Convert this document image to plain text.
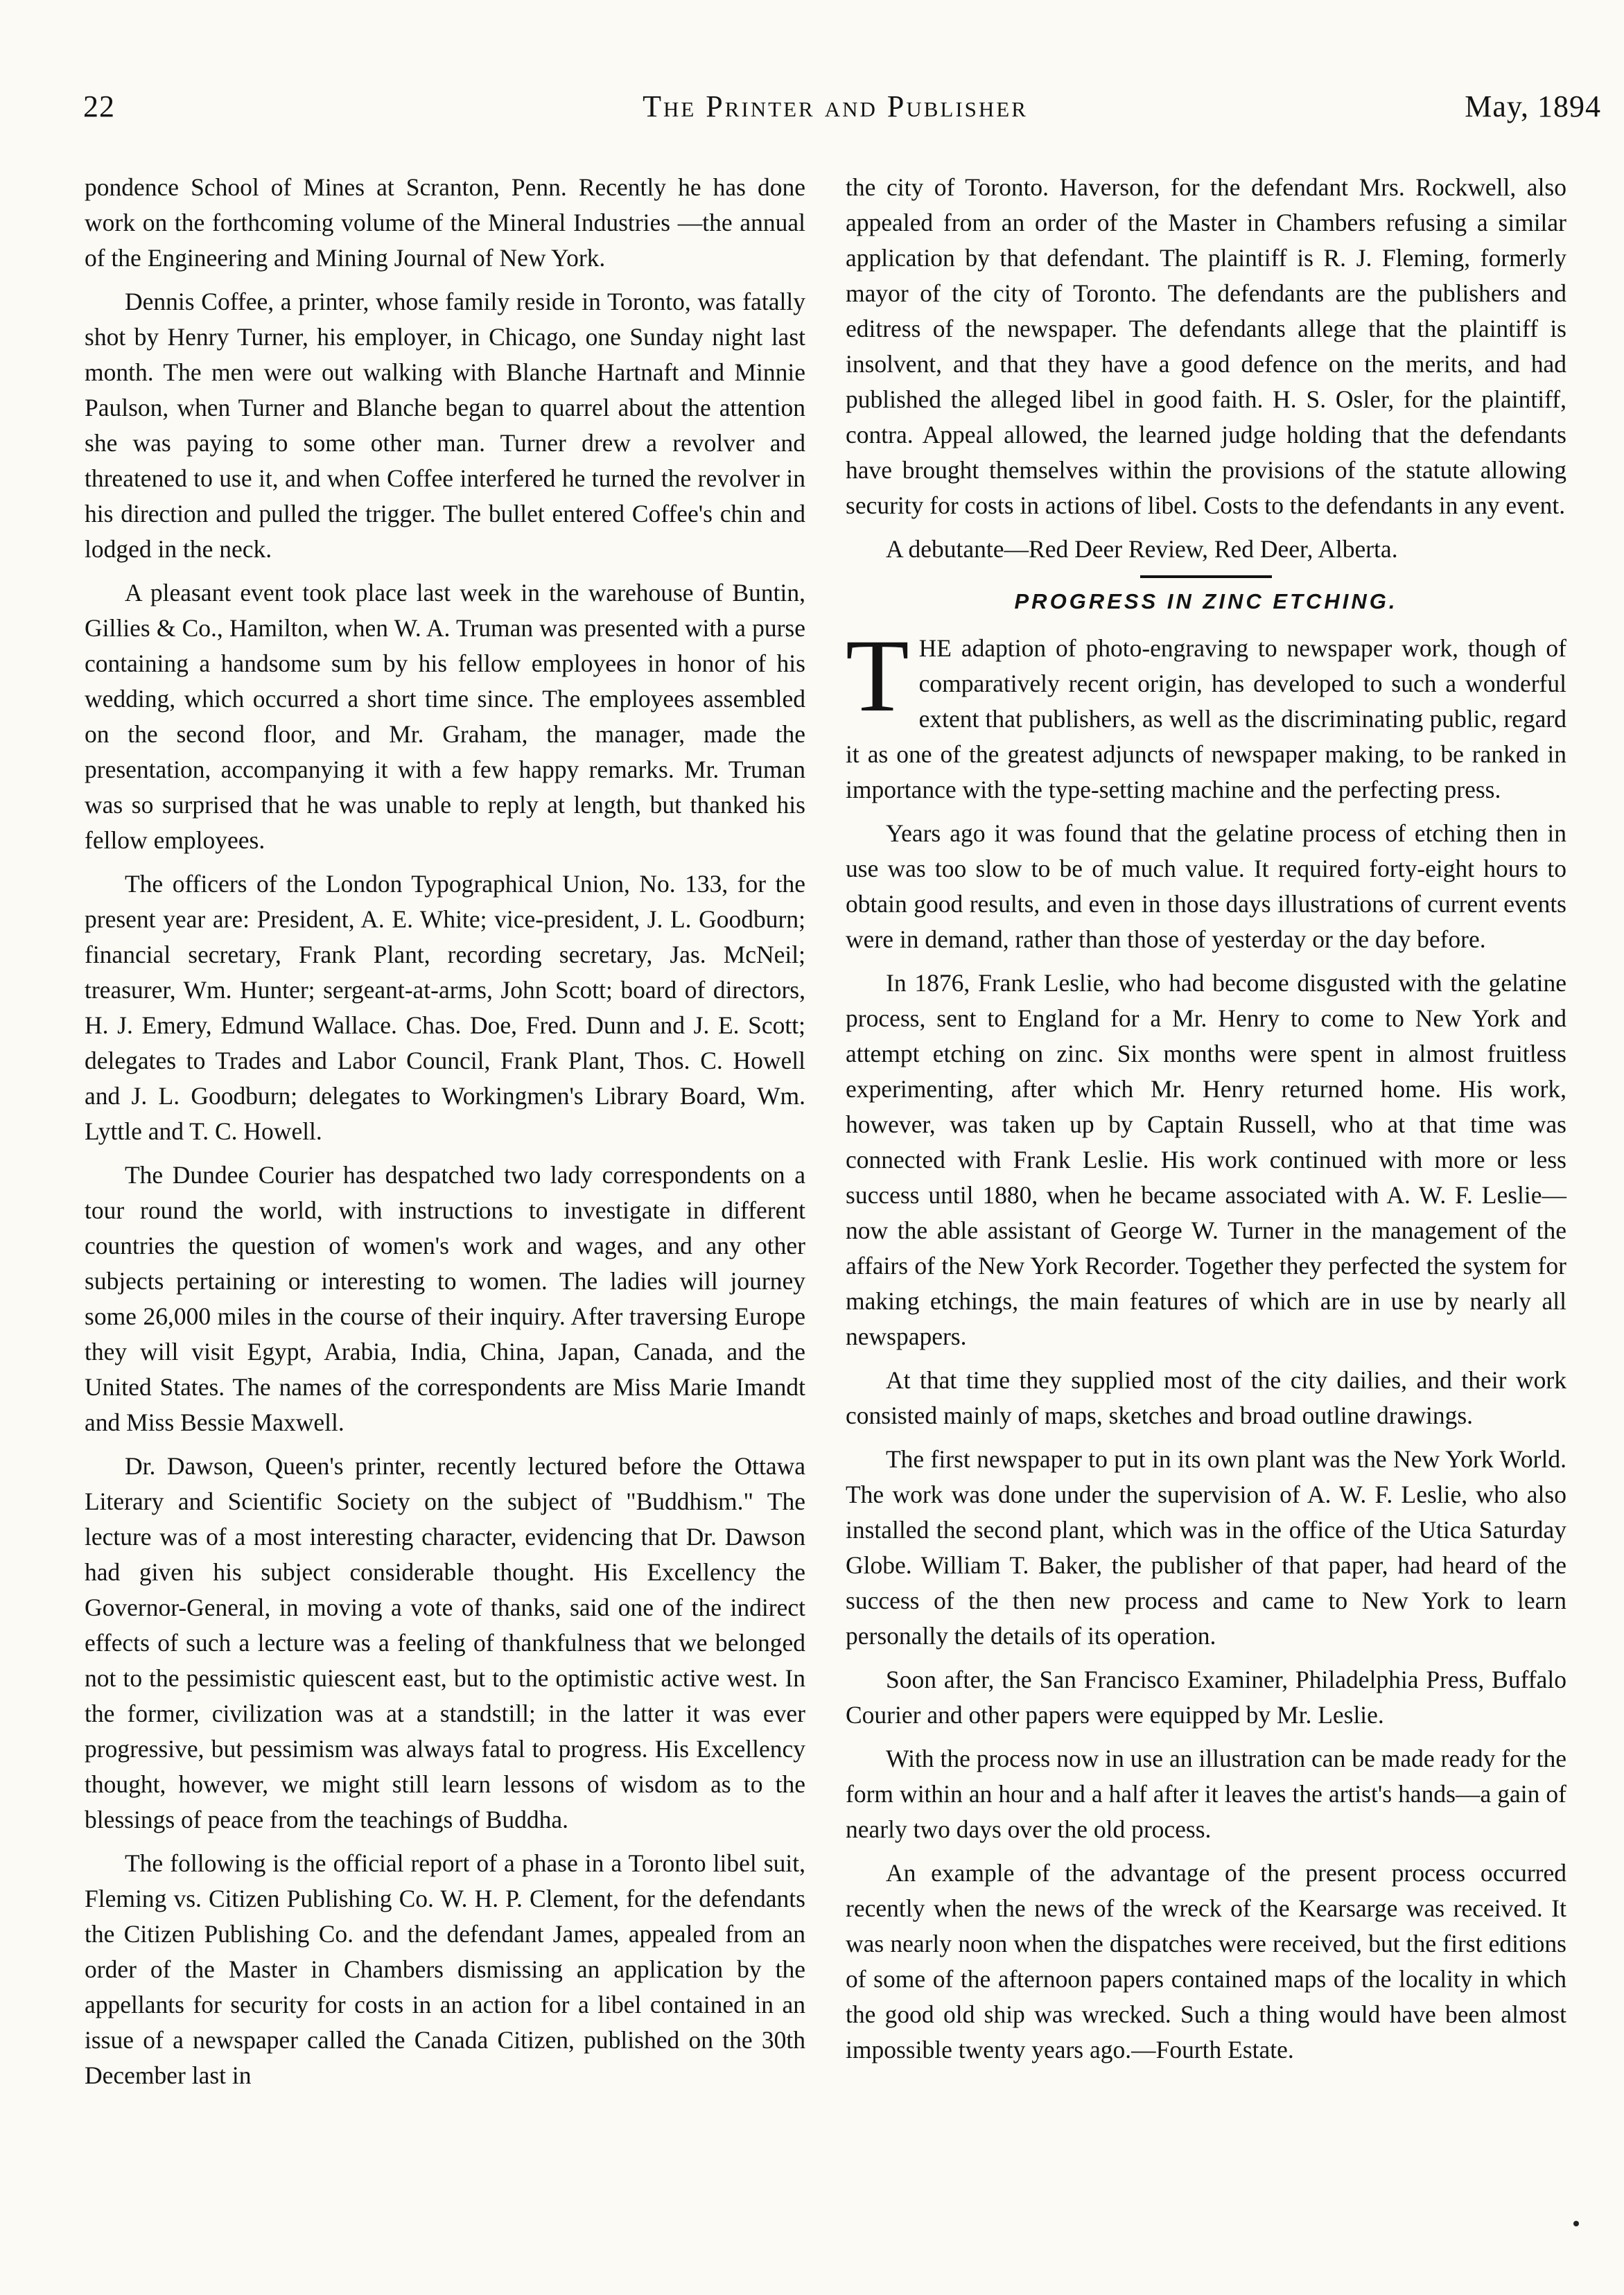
22	The Printer and Publisher	May, 1894

pondence School of Mines at Scranton, Penn. Recently he has done work on the forthcoming volume of the Mineral Industries —the annual of the Engineering and Mining Journal of New York.

Dennis Coffee, a printer, whose family reside in Toronto, was fatally shot by Henry Turner, his employer, in Chicago, one Sunday night last month. The men were out walking with Blanche Hartnaft and Minnie Paulson, when Turner and Blanche began to quarrel about the attention she was paying to some other man. Turner drew a revolver and threatened to use it, and when Coffee interfered he turned the revolver in his direction and pulled the trigger. The bullet entered Coffee's chin and lodged in the neck.

A pleasant event took place last week in the warehouse of Buntin, Gillies & Co., Hamilton, when W. A. Truman was presented with a purse containing a handsome sum by his fellow employees in honor of his wedding, which occurred a short time since. The employees assembled on the second floor, and Mr. Graham, the manager, made the presentation, accompanying it with a few happy remarks. Mr. Truman was so surprised that he was unable to reply at length, but thanked his fellow employees.

The officers of the London Typographical Union, No. 133, for the present year are: President, A. E. White; vice-president, J. L. Goodburn; financial secretary, Frank Plant, recording secretary, Jas. McNeil; treasurer, Wm. Hunter; sergeant-at-arms, John Scott; board of directors, H. J. Emery, Edmund Wallace. Chas. Doe, Fred. Dunn and J. E. Scott; delegates to Trades and Labor Council, Frank Plant, Thos. C. Howell and J. L. Goodburn; delegates to Workingmen's Library Board, Wm. Lyttle and T. C. Howell.

The Dundee Courier has despatched two lady correspondents on a tour round the world, with instructions to investigate in different countries the question of women's work and wages, and any other subjects pertaining or interesting to women. The ladies will journey some 26,000 miles in the course of their inquiry. After traversing Europe they will visit Egypt, Arabia, India, China, Japan, Canada, and the United States. The names of the correspondents are Miss Marie Imandt and Miss Bessie Maxwell.

Dr. Dawson, Queen's printer, recently lectured before the Ottawa Literary and Scientific Society on the subject of "Buddhism." The lecture was of a most interesting character, evidencing that Dr. Dawson had given his subject considerable thought. His Excellency the Governor-General, in moving a vote of thanks, said one of the indirect effects of such a lecture was a feeling of thankfulness that we belonged not to the pessimistic quiescent east, but to the optimistic active west. In the former, civilization was at a standstill; in the latter it was ever progressive, but pessimism was always fatal to progress. His Excellency thought, however, we might still learn lessons of wisdom as to the blessings of peace from the teachings of Buddha.

The following is the official report of a phase in a Toronto libel suit, Fleming vs. Citizen Publishing Co. W. H. P. Clement, for the defendants the Citizen Publishing Co. and the defendant James, appealed from an order of the Master in Chambers dismissing an application by the appellants for security for costs in an action for a libel contained in an issue of a newspaper called the Canada Citizen, published on the 30th December last in

the city of Toronto. Haverson, for the defendant Mrs. Rockwell, also appealed from an order of the Master in Chambers refusing a similar application by that defendant. The plaintiff is R. J. Fleming, formerly mayor of the city of Toronto. The defendants are the publishers and editress of the newspaper. The defendants allege that the plaintiff is insolvent, and that they have a good defence on the merits, and had published the alleged libel in good faith. H. S. Osler, for the plaintiff, contra. Appeal allowed, the learned judge holding that the defendants have brought themselves within the provisions of the statute allowing security for costs in actions of libel. Costs to the defendants in any event.

A debutante—Red Deer Review, Red Deer, Alberta.

PROGRESS IN ZINC ETCHING.

THE adaption of photo-engraving to newspaper work, though of comparatively recent origin, has developed to such a wonderful extent that publishers, as well as the discriminating public, regard it as one of the greatest adjuncts of newspaper making, to be ranked in importance with the type-setting machine and the perfecting press.

Years ago it was found that the gelatine process of etching then in use was too slow to be of much value. It required forty-eight hours to obtain good results, and even in those days illustrations of current events were in demand, rather than those of yesterday or the day before.

In 1876, Frank Leslie, who had become disgusted with the gelatine process, sent to England for a Mr. Henry to come to New York and attempt etching on zinc. Six months were spent in almost fruitless experimenting, after which Mr. Henry returned home. His work, however, was taken up by Captain Russell, who at that time was connected with Frank Leslie. His work continued with more or less success until 1880, when he became associated with A. W. F. Leslie—now the able assistant of George W. Turner in the management of the affairs of the New York Recorder. Together they perfected the system for making etchings, the main features of which are in use by nearly all newspapers.

At that time they supplied most of the city dailies, and their work consisted mainly of maps, sketches and broad outline drawings.

The first newspaper to put in its own plant was the New York World. The work was done under the supervision of A. W. F. Leslie, who also installed the second plant, which was in the office of the Utica Saturday Globe. William T. Baker, the publisher of that paper, had heard of the success of the then new process and came to New York to learn personally the details of its operation.

Soon after, the San Francisco Examiner, Philadelphia Press, Buffalo Courier and other papers were equipped by Mr. Leslie.

With the process now in use an illustration can be made ready for the form within an hour and a half after it leaves the artist's hands—a gain of nearly two days over the old process.

An example of the advantage of the present process occurred recently when the news of the wreck of the Kearsarge was received. It was nearly noon when the dispatches were received, but the first editions of some of the afternoon papers contained maps of the locality in which the good old ship was wrecked. Such a thing would have been almost impossible twenty years ago.—Fourth Estate.
